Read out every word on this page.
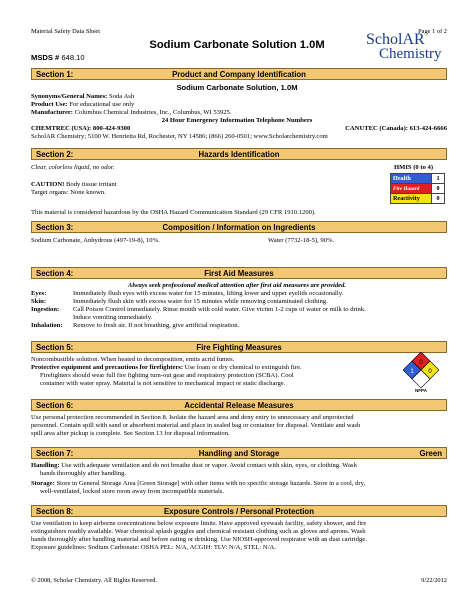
Material Safety Data Sheet	Page 1 of 2
Sodium Carbonate Solution 1.0M
MSDS # 648.10
ScholAR
Chemistry
Section 1:	Product and Company Identification
Sodium Carbonate Solution, 1.0M
Synonyms/General Names: Soda Ash
Product Use: For educational use only
Manufacturer: Columbus Chemical Industries, Inc., Columbus, WI 53925.
24 Hour Emergency Information Telephone Numbers
CHEMTREC (USA): 800-424-9300	CANUTEC (Canada): 613-424-6666
ScholAR Chemistry; 5100 W. Henrietta Rd, Rochester, NY 14586; (866) 260-0501; www.Scholarchemistry.com
Section 2:	Hazards Identification
Clear, colorless liquid, no odor.
CAUTION! Body tissue irritant
Target organs: None known.
HMIS (0 to 4)
Health	1
Fire Hazard	0
Reactivity	0
This material is considered hazardous by the OSHA Hazard Communication Standard (29 CFR 1910.1200).
Section 3:	Composition / Information on Ingredients
Sodium Carbonate, Anhydrous (497-19-8), 10%.	Water (7732-18-5), 90%.
Section 4:	First Aid Measures
Always seek professional medical attention after first aid measures are provided.
Eyes:	Immediately flush eyes with excess water for 15 minutes, lifting lower and upper eyelids occasionally.
Skin:	Immediately flush skin with excess water for 15 minutes while removing contaminated clothing.
Ingestion: Call Poison Control immediately. Rinse mouth with cold water. Give victim 1-2 cups of water or milk to drink.
Induce vomiting immediately.
Inhalation: Remove to fresh air. If not breathing, give artificial respiration.
Section 5:	Fire Fighting Measures
Noncombustible solution. When heated to decomposition, emits acrid fumes.
Protective equipment and precautions for firefighters: Use foam or dry chemical to extinguish fire.
Firefighters should wear full fire fighting turn-out gear and respiratory protection (SCBA). Cool
container with water spray. Material is not sensitive to mechanical impact or static discharge.
0
1 0
NFPA
Section 6:	Accidental Release Measures
Use personal protection recommended in Section 8. Isolate the hazard area and deny entry to unnecessary and unprotected
personnel. Contain spill with sand or absorbent material and place in sealed bag or container for disposal. Ventilate and wash
spill area after pickup is complete. See Section 13 for disposal information.
Section 7:	Handling and Storage	Green
Handling: Use with adequate ventilation and do not breathe dust or vapor. Avoid contact with skin, eyes, or clothing. Wash
hands thoroughly after handling.
Storage: Store in General Storage Area [Green Storage] with other items with no specific storage hazards. Store in a cool, dry,
well-ventilated, locked store room away from incompatible materials.
Section 8:	Exposure Controls / Personal Protection
Use ventilation to keep airborne concentrations below exposure limits. Have approved eyewash facility, safety shower, and fire
extinguishers readily available. Wear chemical splash goggles and chemical resistant clothing such as gloves and aprons. Wash
hands thoroughly after handling material and before eating or drinking. Use NIOSH-approved respirator with an dust cartridge.
Exposure guidelines: Sodium Carbonate: OSHA PEL: N/A, ACGIH: TLV: N/A, STEL: N/A.
© 2008, Scholar Chemistry. All Rights Reserved.	9/22/2012
